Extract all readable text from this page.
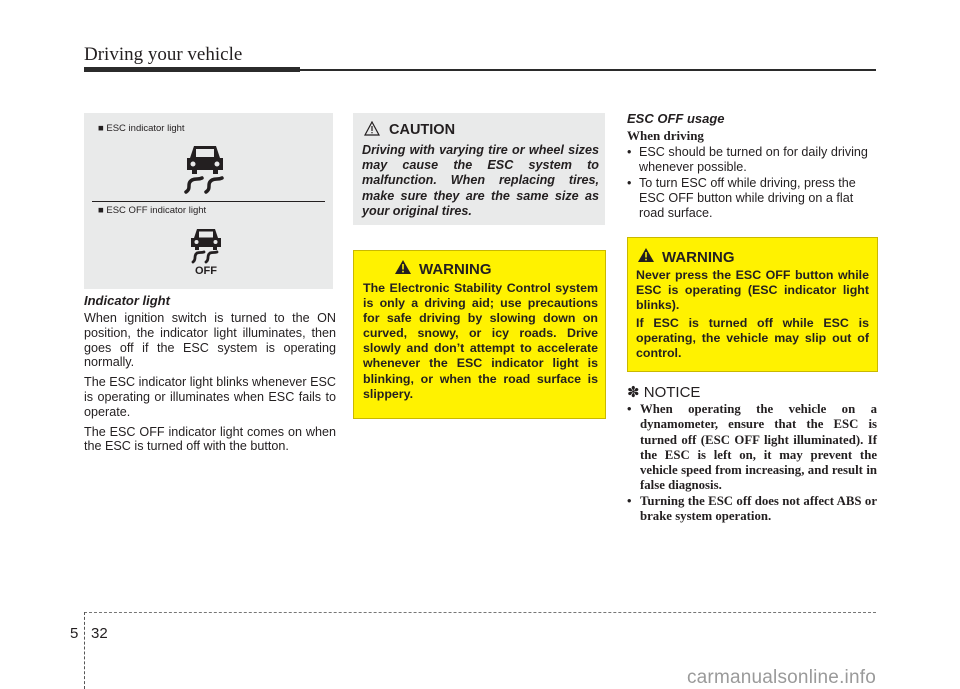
Driving your vehicle
■ ESC indicator light
■ ESC OFF indicator light
OFF
Indicator light

When ignition switch is turned to the ON position, the indicator light illuminates, then goes off if the ESC system is operating normally.

The ESC indicator light blinks whenever ESC is operating or illuminates when ESC fails to operate.

The ESC OFF indicator light comes on when the ESC is turned off with the button.

CAUTION
Driving with varying tire or wheel sizes may cause the ESC system to malfunction. When replacing tires, make sure they are the same size as your original tires.
WARNING
The Electronic Stability Control system is only a driving aid; use precautions for safe driving by slowing down on curved, snowy, or icy roads. Drive slowly and don’t attempt to accelerate whenever the ESC indicator light is blinking, or when the road surface is slippery.
ESC OFF usage
When driving
• ESC should be turned on for daily driving whenever possible.
• To turn ESC off while driving, press the ESC OFF button while driving on a flat road surface.
WARNING
Never press the ESC OFF button while ESC is operating (ESC indicator light blinks).
If ESC is turned off while ESC is operating, the vehicle may slip out of control.
✽ NOTICE
• When operating the vehicle on a dynamometer, ensure that the ESC is turned off (ESC OFF light illuminated). If the ESC is left on, it may prevent the vehicle speed from increasing, and result in false diagnosis.
• Turning the ESC off does not affect ABS or brake system operation.
5 32
carmanualsonline.info
